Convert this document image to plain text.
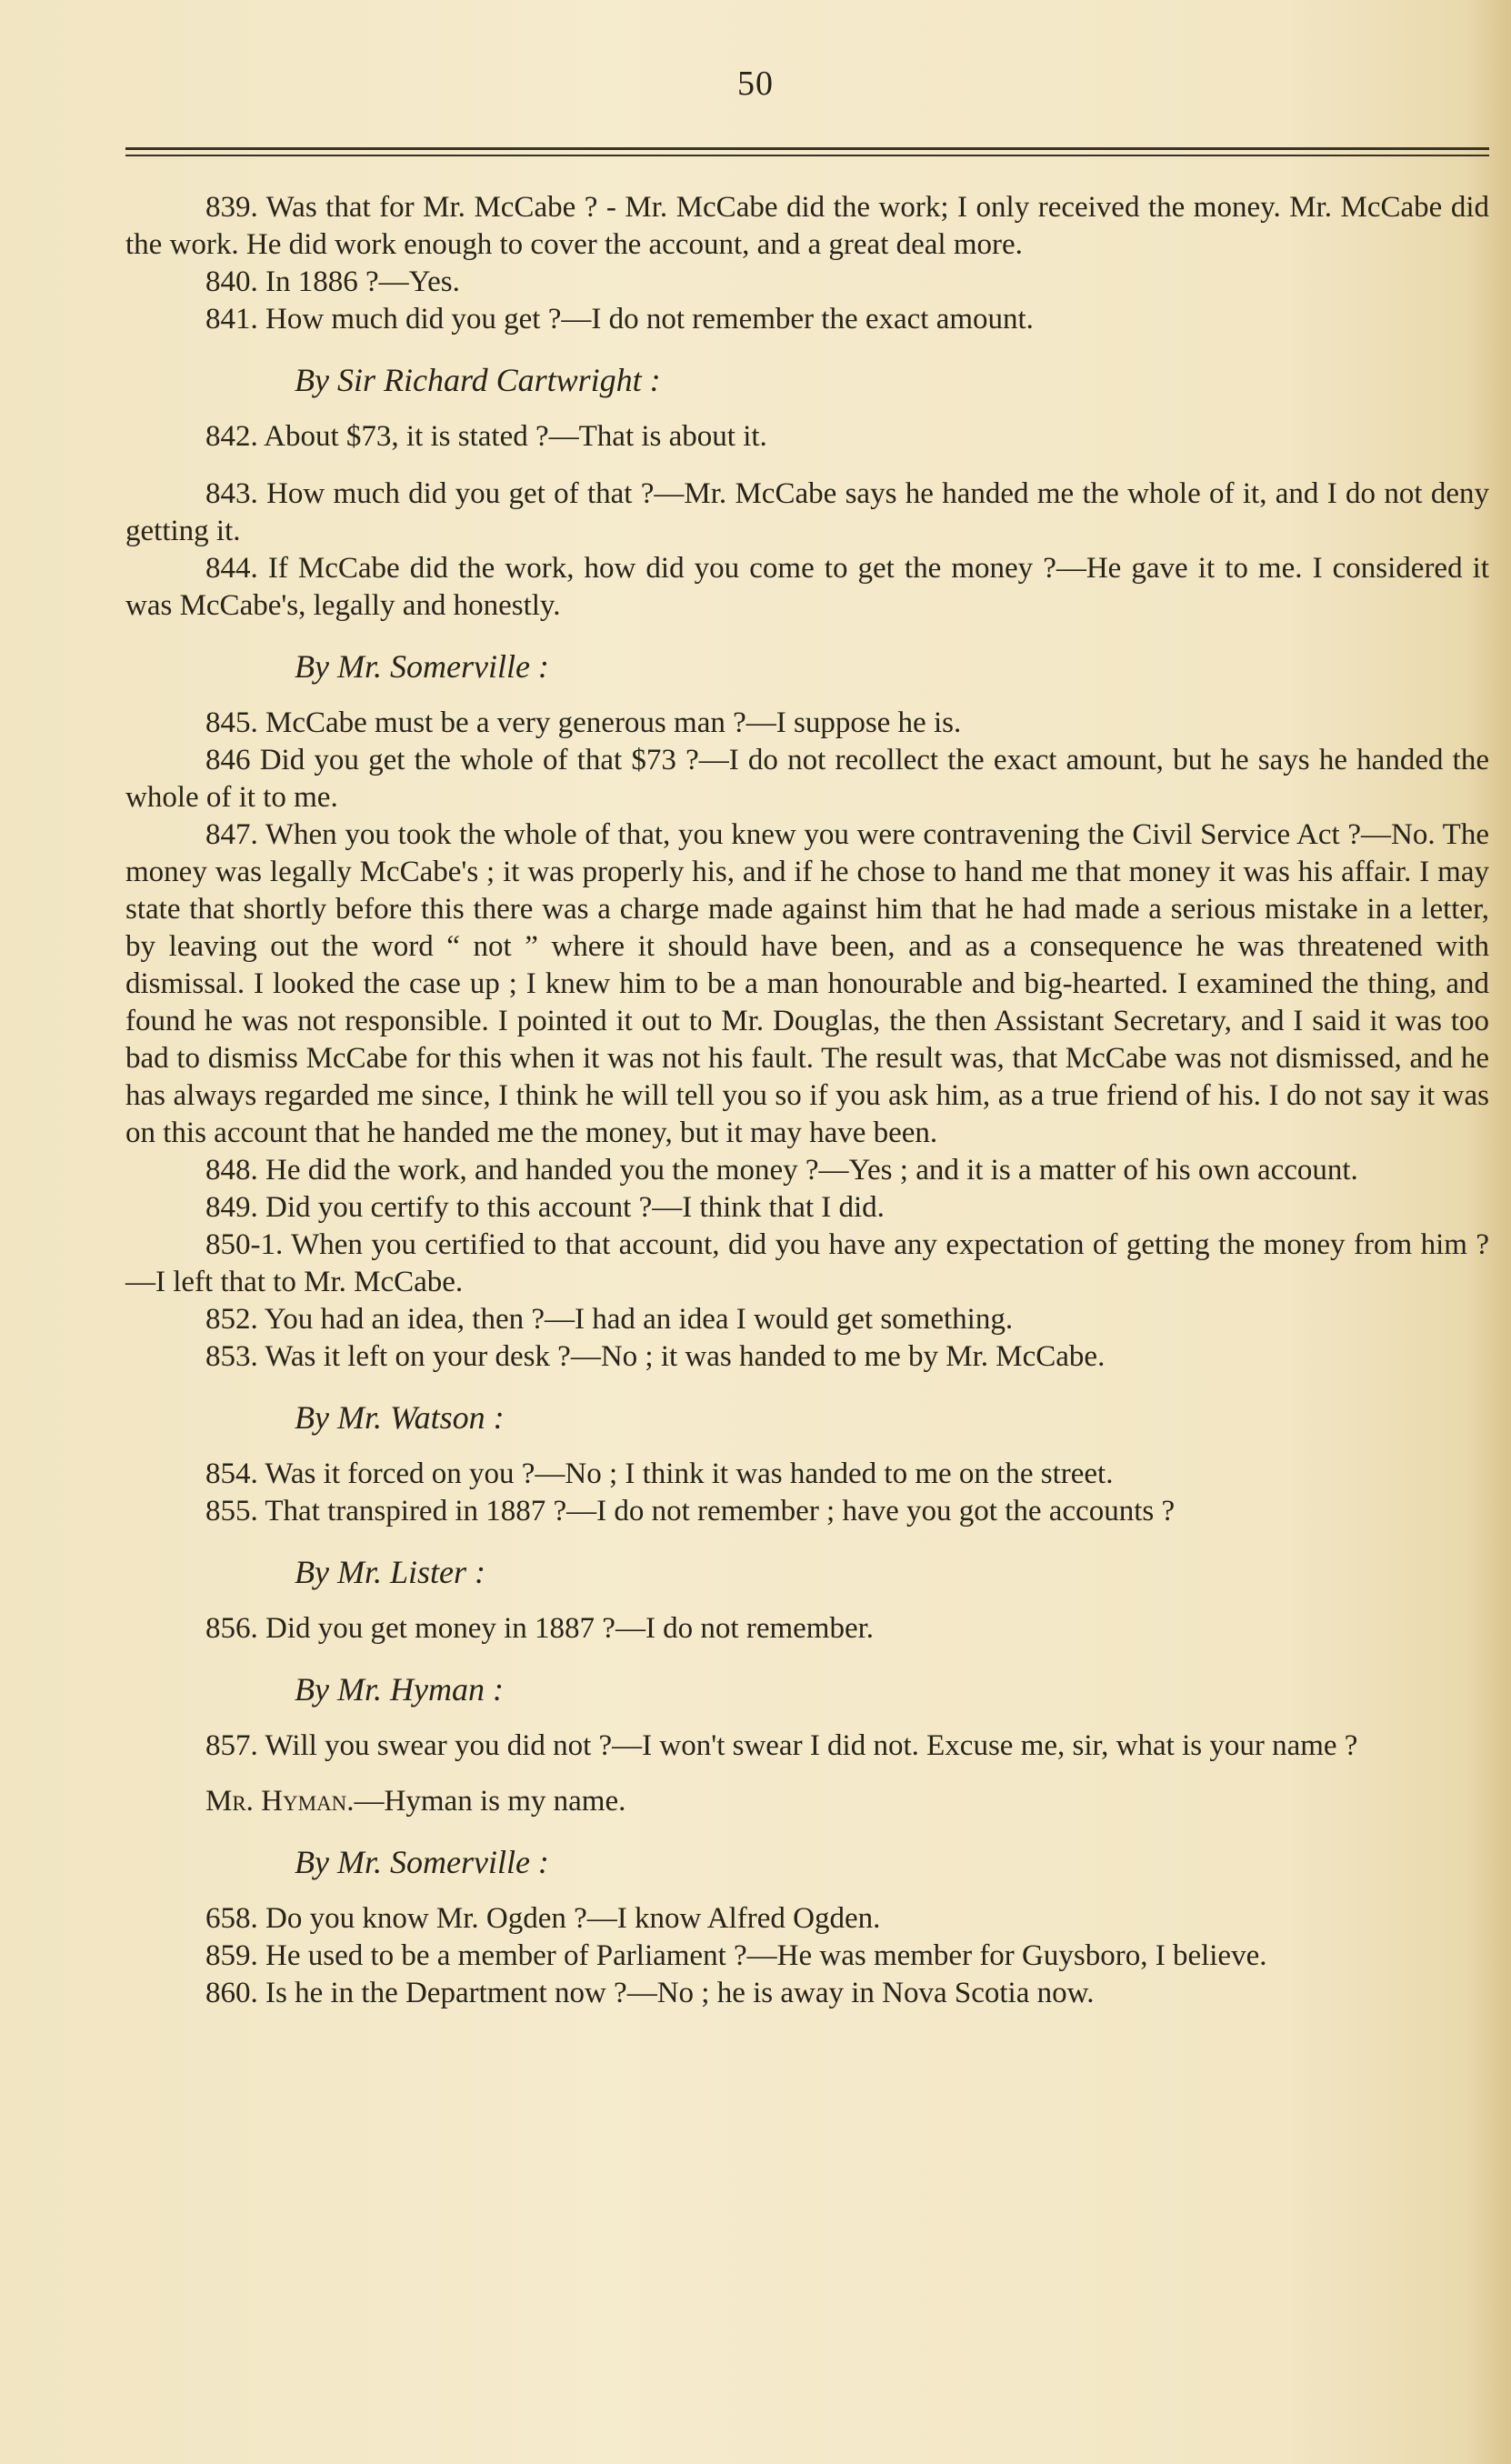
50

839. Was that for Mr. McCabe ? - Mr. McCabe did the work; I only received the money. Mr. McCabe did the work. He did work enough to cover the account, and a great deal more.

840. In 1886 ?—Yes.

841. How much did you get ?—I do not remember the exact amount.

By Sir Richard Cartwright :

842. About $73, it is stated ?—That is about it.

843. How much did you get of that ?—Mr. McCabe says he handed me the whole of it, and I do not deny getting it.

844. If McCabe did the work, how did you come to get the money ?—He gave it to me. I considered it was McCabe's, legally and honestly.

By Mr. Somerville :

845. McCabe must be a very generous man ?—I suppose he is.

846 Did you get the whole of that $73 ?—I do not recollect the exact amount, but he says he handed the whole of it to me.

847. When you took the whole of that, you knew you were contravening the Civil Service Act ?—No. The money was legally McCabe's ; it was properly his, and if he chose to hand me that money it was his affair. I may state that shortly before this there was a charge made against him that he had made a serious mistake in a letter, by leaving out the word “ not ” where it should have been, and as a consequence he was threatened with dismissal. I looked the case up ; I knew him to be a man honourable and big-hearted. I examined the thing, and found he was not responsible. I pointed it out to Mr. Douglas, the then Assistant Secretary, and I said it was too bad to dismiss McCabe for this when it was not his fault. The result was, that McCabe was not dismissed, and he has always regarded me since, I think he will tell you so if you ask him, as a true friend of his. I do not say it was on this account that he handed me the money, but it may have been.

848. He did the work, and handed you the money ?—Yes ; and it is a matter of his own account.

849. Did you certify to this account ?—I think that I did.

850-1. When you certified to that account, did you have any expectation of getting the money from him ?—I left that to Mr. McCabe.

852. You had an idea, then ?—I had an idea I would get something.

853. Was it left on your desk ?—No ; it was handed to me by Mr. McCabe.

By Mr. Watson :

854. Was it forced on you ?—No ; I think it was handed to me on the street.

855. That transpired in 1887 ?—I do not remember ; have you got the accounts ?

By Mr. Lister :

856. Did you get money in 1887 ?—I do not remember.

By Mr. Hyman :

857. Will you swear you did not ?—I won't swear I did not. Excuse me, sir, what is your name ?

Mr. Hyman.—Hyman is my name.

By Mr. Somerville :

658. Do you know Mr. Ogden ?—I know Alfred Ogden.

859. He used to be a member of Parliament ?—He was member for Guysboro, I believe.

860. Is he in the Department now ?—No ; he is away in Nova Scotia now.
